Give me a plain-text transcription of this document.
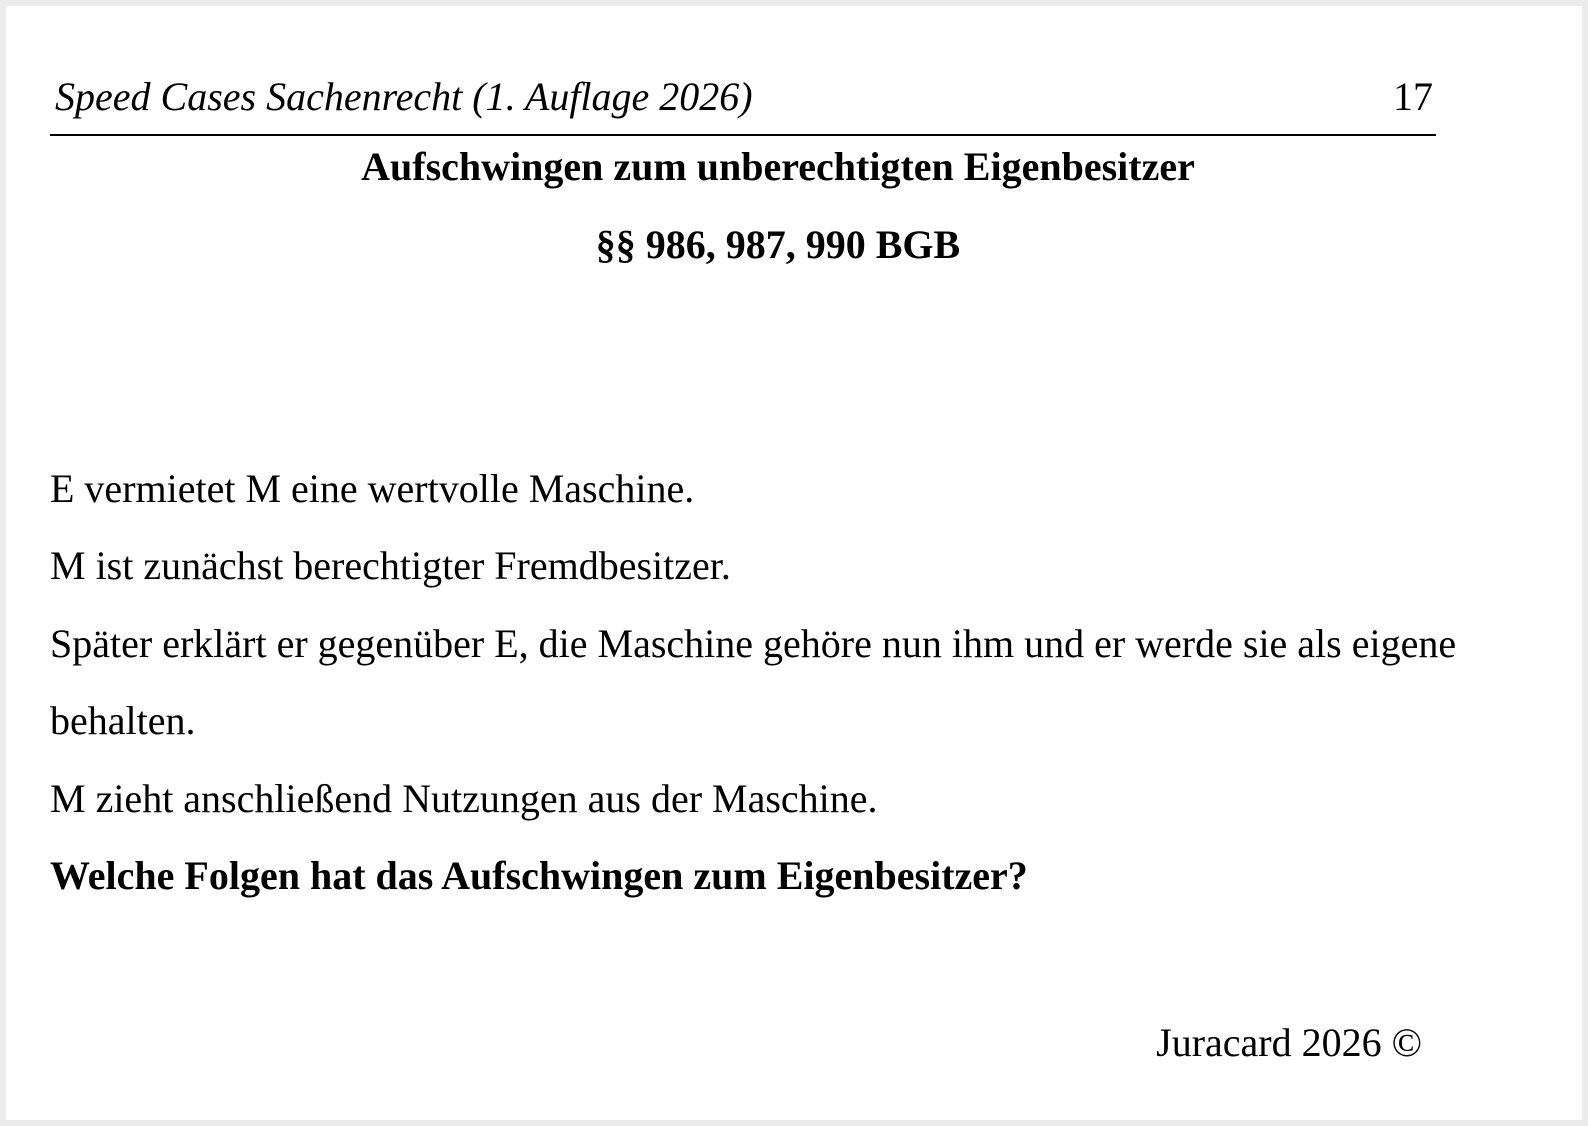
Speed Cases Sachenrecht (1. Auflage 2026)	17
Aufschwingen zum unberechtigten Eigenbesitzer
§§ 986, 987, 990 BGB

E vermietet M eine wertvolle Maschine.

M ist zunächst berechtigter Fremdbesitzer.

Später erklärt er gegenüber E, die Maschine gehöre nun ihm und er werde sie als eigene behalten.

M zieht anschließend Nutzungen aus der Maschine.

Welche Folgen hat das Aufschwingen zum Eigenbesitzer?

Juracard 2026 ©
